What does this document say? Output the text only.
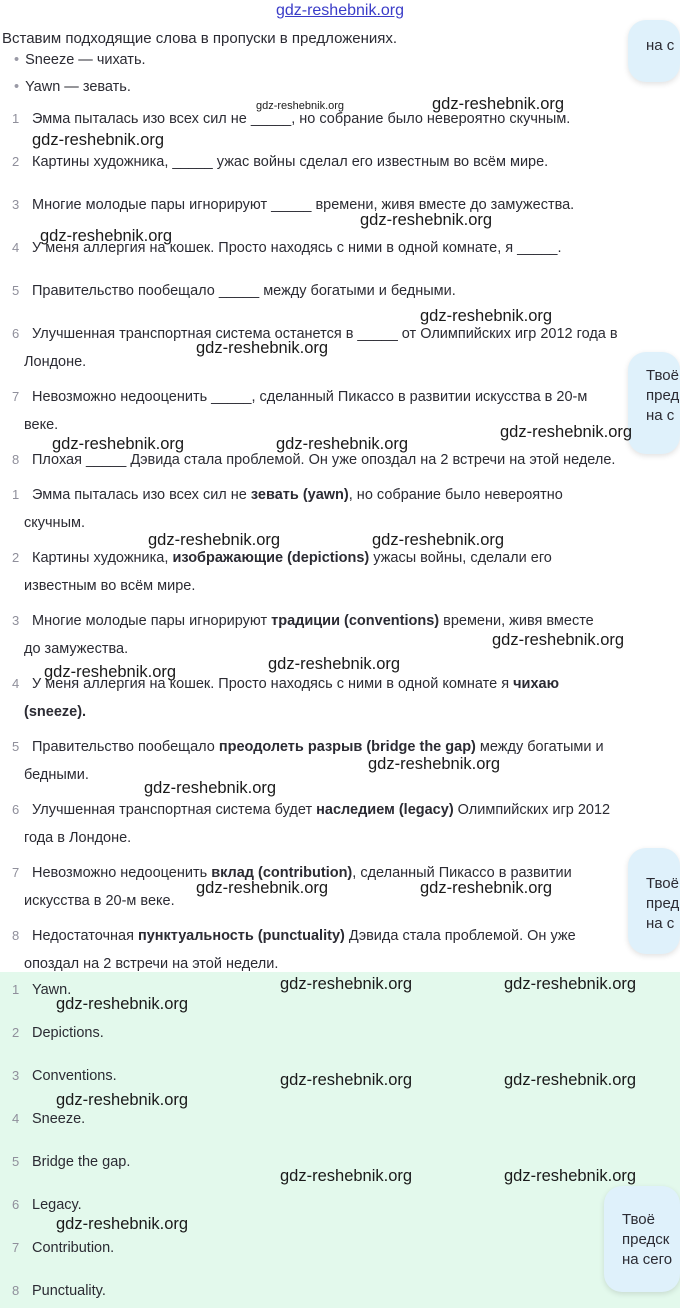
gdz-reshebnik.org
Вставим подходящие слова в пропуски в предложениях.
• Sneeze — чихать.
• Yawn — зевать.
1 Эмма пыталась изо всех сил не _____, но собрание было невероятно скучным.
2 Картины художника, _____ ужас войны сделал его известным во всём мире.
3 Многие молодые пары игнорируют _____ времени, живя вместе до замужества.
4 У меня аллергия на кошек. Просто находясь с ними в одной комнате, я _____.
5 Правительство пообещало _____ между богатыми и бедными.
6 Улучшенная транспортная система останется в _____ от Олимпийских игр 2012 года в
Лондоне.
7 Невозможно недооценить _____, сделанный Пикассо в развитии искусства в 20-м
веке.
8 Плохая _____ Дэвида стала проблемой. Он уже опоздал на 2 встречи на этой неделе.
1 Эмма пыталась изо всех сил не зевать (yawn), но собрание было невероятно
скучным.
2 Картины художника, изображающие (depictions) ужасы войны, сделали его
известным во всём мире.
3 Многие молодые пары игнорируют традиции (conventions) времени, живя вместе
до замужества.
4 У меня аллергия на кошек. Просто находясь с ними в одной комнате я чихаю
(sneeze).
5 Правительство пообещало преодолеть разрыв (bridge the gap) между богатыми и
бедными.
6 Улучшенная транспортная система будет наследием (legacy) Олимпийских игр 2012
года в Лондоне.
7 Невозможно недооценить вклад (contribution), сделанный Пикассо в развитии
искусства в 20-м веке.
8 Недостаточная пунктуальность (punctuality) Дэвида стала проблемой. Он уже
опоздал на 2 встречи на этой недели.
1 Yawn.
2 Depictions.
3 Conventions.
4 Sneeze.
5 Bridge the gap.
6 Legacy.
7 Contribution.
8 Punctuality.
на с
Твоё
пред
на с
Твоё
пред
на с
Твоё
предск
на сего
gdz-reshebnik.org	gdz-reshebnik.org
gdz-reshebnik.org
gdz-reshebnik.org
gdz-reshebnik.org
gdz-reshebnik.org
gdz-reshebnik.org
gdz-reshebnik.org
gdz-reshebnik.org	gdz-reshebnik.org
gdz-reshebnik.org	gdz-reshebnik.org
gdz-reshebnik.org
gdz-reshebnik.org
gdz-reshebnik.org
gdz-reshebnik.org
gdz-reshebnik.org
gdz-reshebnik.org	gdz-reshebnik.org
gdz-reshebnik.org	gdz-reshebnik.org
gdz-reshebnik.org
gdz-reshebnik.org	gdz-reshebnik.org
gdz-reshebnik.org
gdz-reshebnik.org	gdz-reshebnik.org
gdz-reshebnik.org
